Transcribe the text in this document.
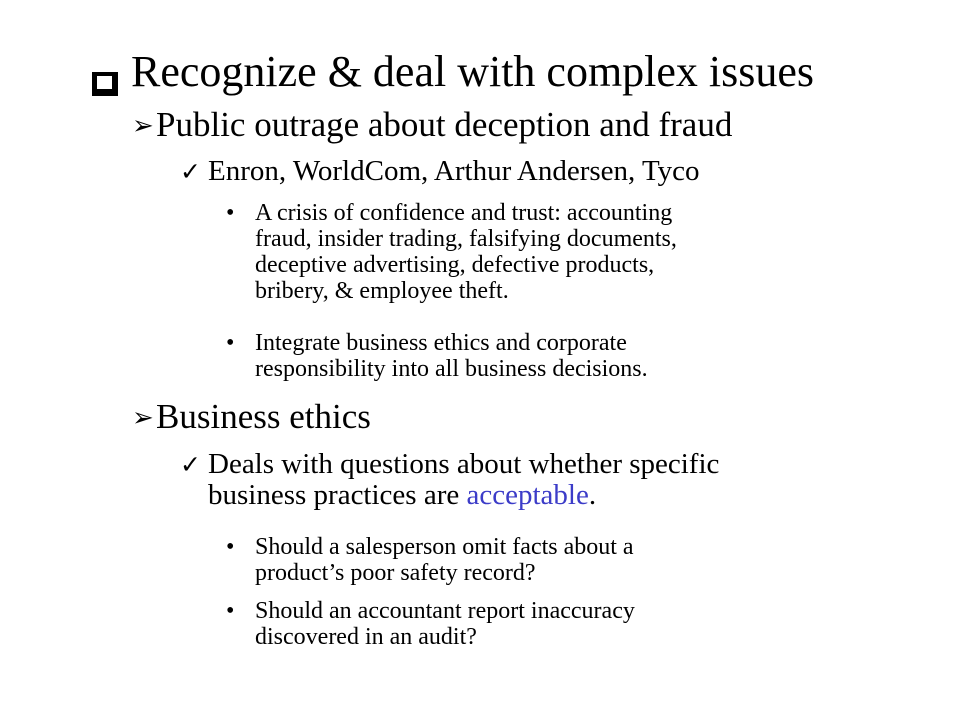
Recognize & deal with complex issues
➢ Public outrage about deception and fraud
✓ Enron, WorldCom, Arthur Andersen, Tyco
• A crisis of confidence and trust: accounting
fraud, insider trading, falsifying documents,
deceptive advertising, defective products,
bribery, & employee theft.
• Integrate business ethics and corporate
responsibility into all business decisions.
➢ Business ethics
✓ Deals with questions about whether specific
business practices are acceptable.
• Should a salesperson omit facts about a
product’s poor safety record?
• Should an accountant report inaccuracy
discovered in an audit?
